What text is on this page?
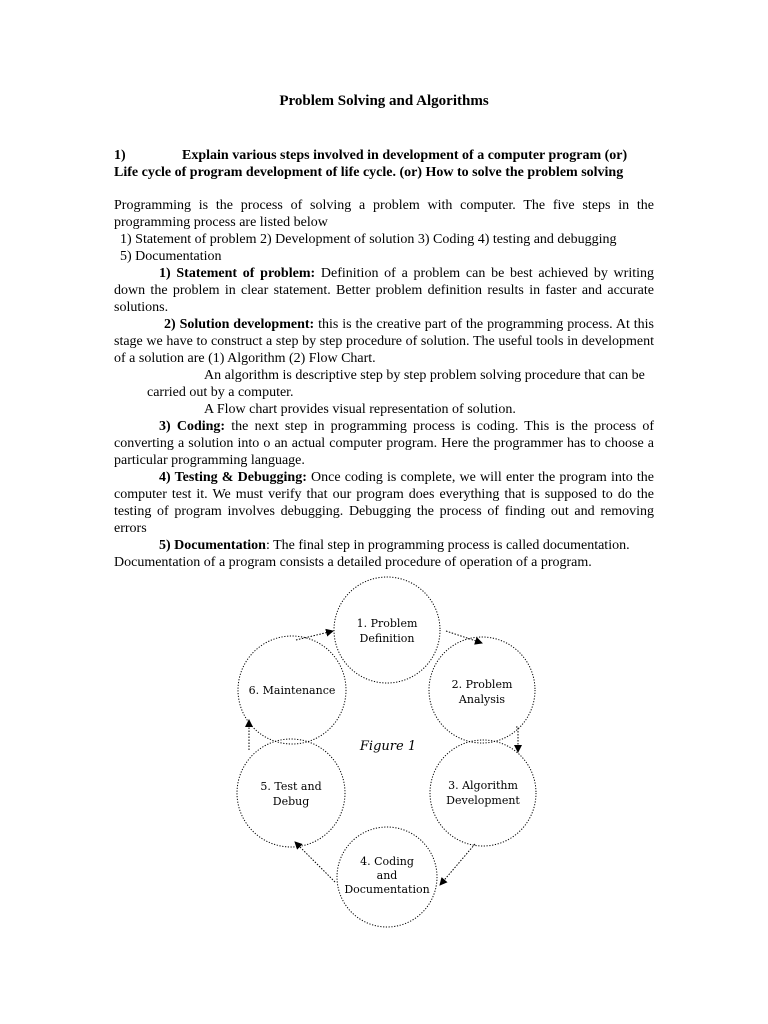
Problem Solving and Algorithms
1)	Explain various steps involved in development of a computer program (or) Life cycle of program development of life cycle. (or) How to solve the problem solving

Programming is the process of solving a problem with computer. The five steps in the programming process are listed below

1) Statement of problem 2) Development of solution 3) Coding 4) testing and debugging

5) Documentation

1) Statement of problem: Definition of a problem can be best achieved by writing down the problem in clear statement. Better problem definition results in faster and accurate solutions.

2) Solution development: this is the creative part of the programming process. At this stage we have to construct a step by step procedure of solution. The useful tools in development of a solution are (1) Algorithm (2) Flow Chart.

An algorithm is descriptive step by step problem solving procedure that can be carried out by a computer.

A Flow chart provides visual representation of solution.

3) Coding: the next step in programming process is coding. This is the process of converting a solution into o an actual computer program. Here the programmer has to choose a particular programming language.

4) Testing & Debugging: Once coding is complete, we will enter the program into the computer test it. We must verify that our program does everything that is supposed to do the testing of program involves debugging. Debugging the process of finding out and removing errors

5) Documentation: The final step in programming process is called documentation. Documentation of a program consists a detailed procedure of operation of a program.

1. Problem
Definition
2. Problem
Analysis
3. Algorithm
Development
4. Coding
and
Documentation
5. Test and
Debug
6. Maintenance
Figure 1
